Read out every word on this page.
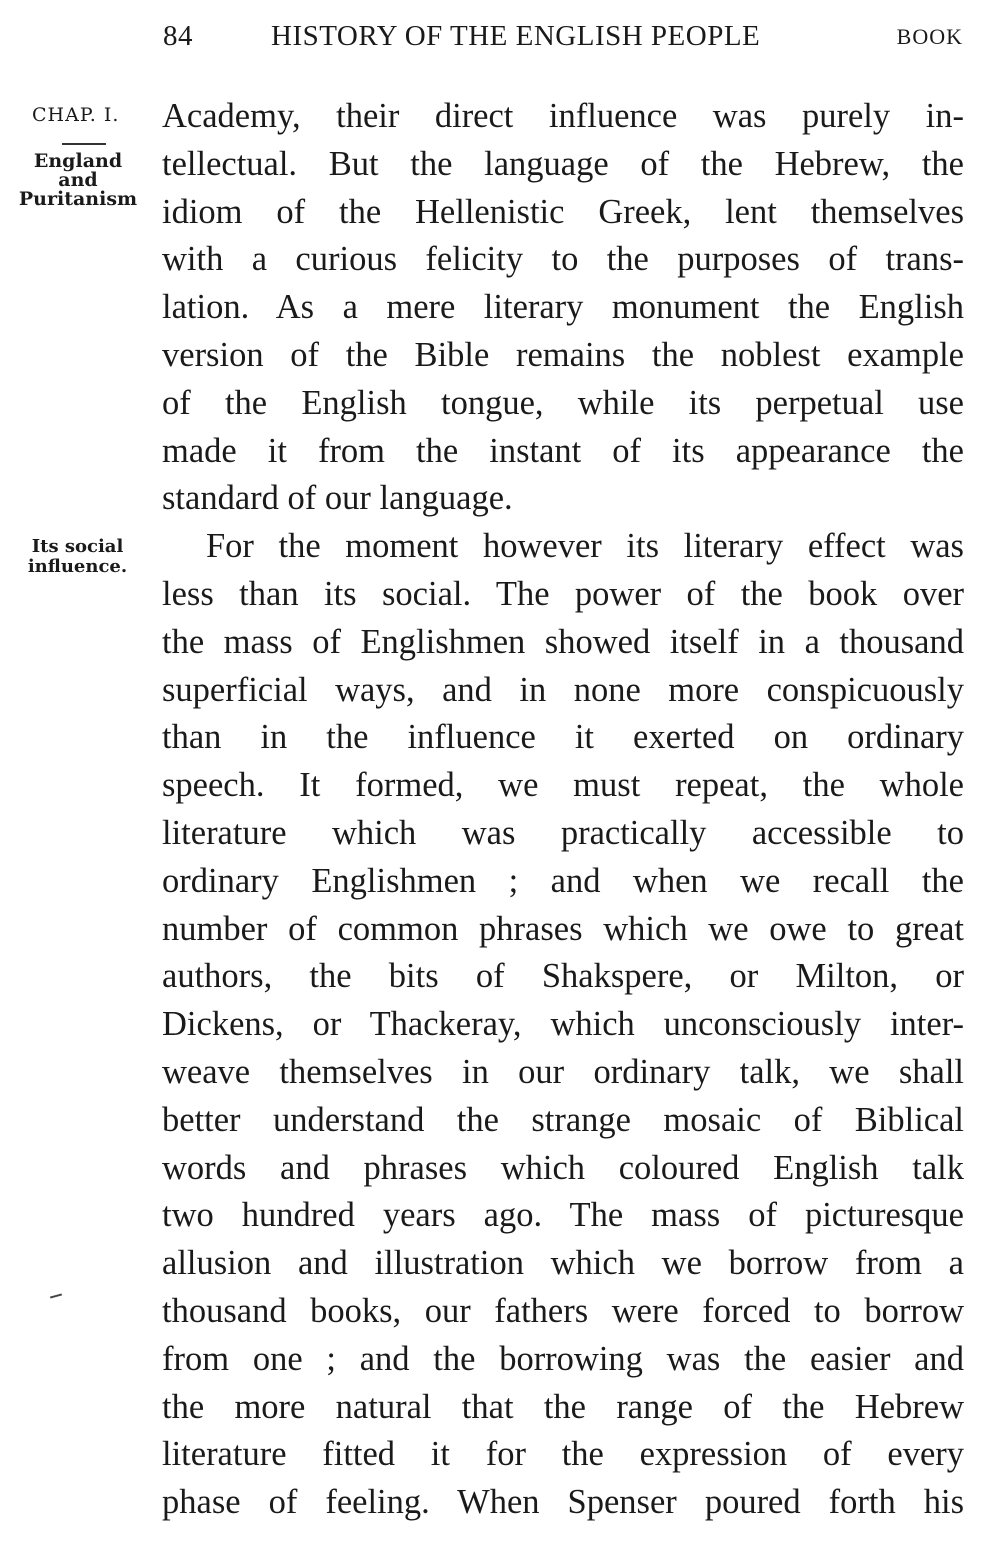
84	HISTORY OF THE ENGLISH PEOPLE	BOOK
CHAP. I.
England
and
Puritanism
Its social
influence.
Academy, their direct influence was purely in-
tellectual. But the language of the Hebrew, the
idiom of the Hellenistic Greek, lent themselves
with a curious felicity to the purposes of trans-
lation. As a mere literary monument the English
version of the Bible remains the noblest example
of the English tongue, while its perpetual use
made it from the instant of its appearance the
standard of our language.
For the moment however its literary effect was
less than its social. The power of the book over
the mass of Englishmen showed itself in a thousand
superficial ways, and in none more conspicuously
than in the influence it exerted on ordinary
speech. It formed, we must repeat, the whole
literature which was practically accessible to
ordinary Englishmen ; and when we recall the
number of common phrases which we owe to great
authors, the bits of Shakspere, or Milton, or
Dickens, or Thackeray, which unconsciously inter-
weave themselves in our ordinary talk, we shall
better understand the strange mosaic of Biblical
words and phrases which coloured English talk
two hundred years ago. The mass of picturesque
allusion and illustration which we borrow from a
thousand books, our fathers were forced to borrow
from one ; and the borrowing was the easier and
the more natural that the range of the Hebrew
literature fitted it for the expression of every
phase of feeling. When Spenser poured forth his
